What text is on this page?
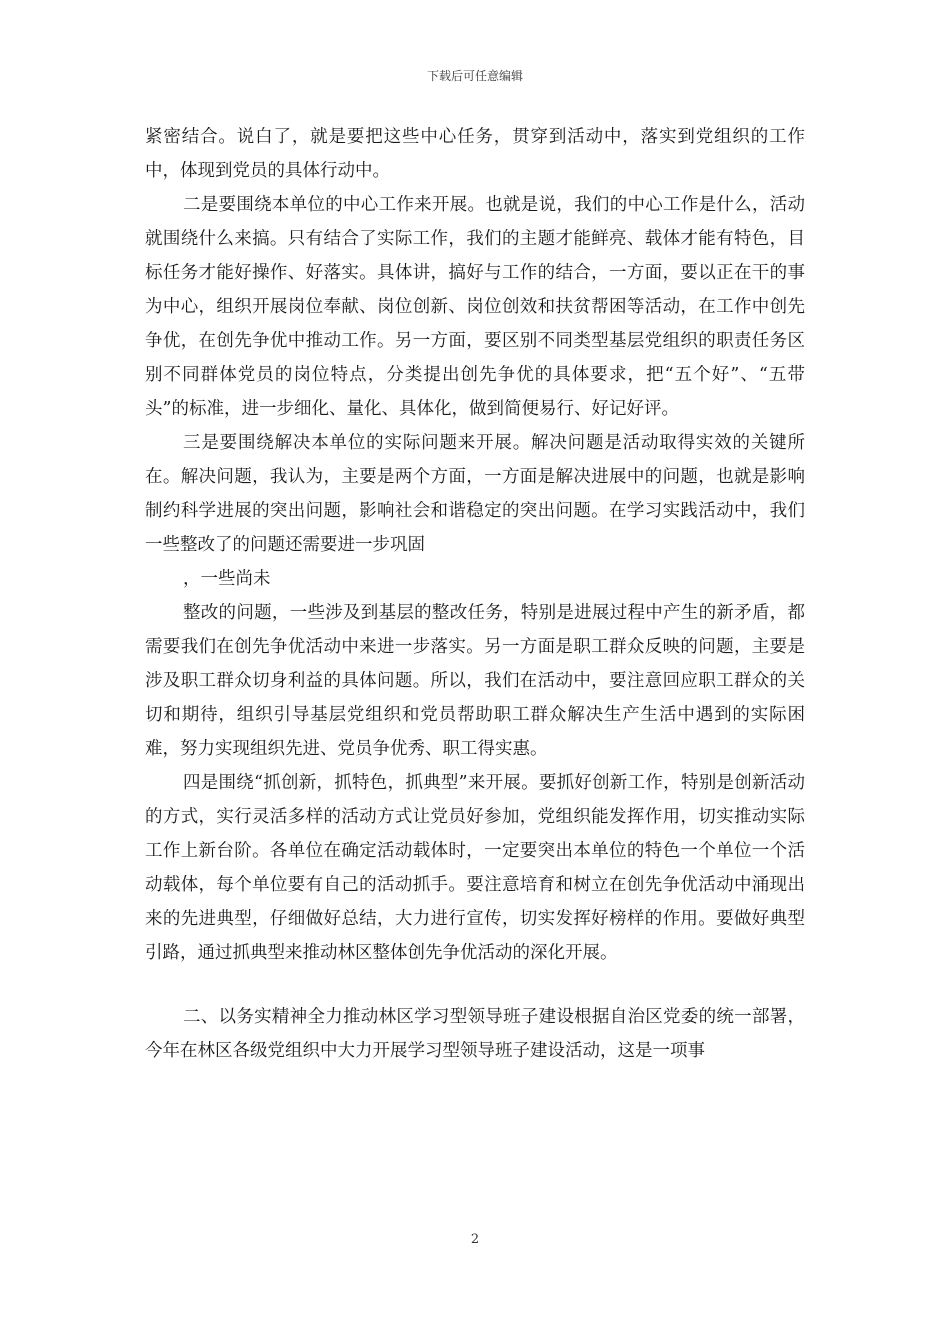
下载后可任意编辑

紧密结合。说白了，就是要把这些中心任务，贯穿到活动中，落实到党组织的工作中，体现到党员的具体行动中。

二是要围绕本单位的中心工作来开展。也就是说，我们的中心工作是什么，活动就围绕什么来搞。只有结合了实际工作，我们的主题才能鲜亮、载体才能有特色，目标任务才能好操作、好落实。具体讲，搞好与工作的结合，一方面，要以正在干的事为中心，组织开展岗位奉献、岗位创新、岗位创效和扶贫帮困等活动，在工作中创先争优，在创先争优中推动工作。另一方面，要区别不同类型基层党组织的职责任务区别不同群体党员的岗位特点，分类提出创先争优的具体要求，把“五个好”、“五带头”的标准，进一步细化、量化、具体化，做到简便易行、好记好评。

三是要围绕解决本单位的实际问题来开展。解决问题是活动取得实效的关键所在。解决问题，我认为，主要是两个方面，一方面是解决进展中的问题，也就是影响制约科学进展的突出问题，影响社会和谐稳定的突出问题。在学习实践活动中，我们一些整改了的问题还需要进一步巩固

，一些尚未

整改的问题，一些涉及到基层的整改任务，特别是进展过程中产生的新矛盾，都需要我们在创先争优活动中来进一步落实。另一方面是职工群众反映的问题，主要是涉及职工群众切身利益的具体问题。所以，我们在活动中，要注意回应职工群众的关切和期待，组织引导基层党组织和党员帮助职工群众解决生产生活中遇到的实际困难，努力实现组织先进、党员争优秀、职工得实惠。

四是围绕“抓创新，抓特色，抓典型”来开展。要抓好创新工作，特别是创新活动的方式，实行灵活多样的活动方式让党员好参加，党组织能发挥作用，切实推动实际工作上新台阶。各单位在确定活动载体时，一定要突出本单位的特色一个单位一个活动载体，每个单位要有自己的活动抓手。要注意培育和树立在创先争优活动中涌现出来的先进典型，仔细做好总结，大力进行宣传，切实发挥好榜样的作用。要做好典型引路，通过抓典型来推动林区整体创先争优活动的深化开展。

二、以务实精神全力推动林区学习型领导班子建设根据自治区党委的统一部署，今年在林区各级党组织中大力开展学习型领导班子建设活动，这是一项事

2
